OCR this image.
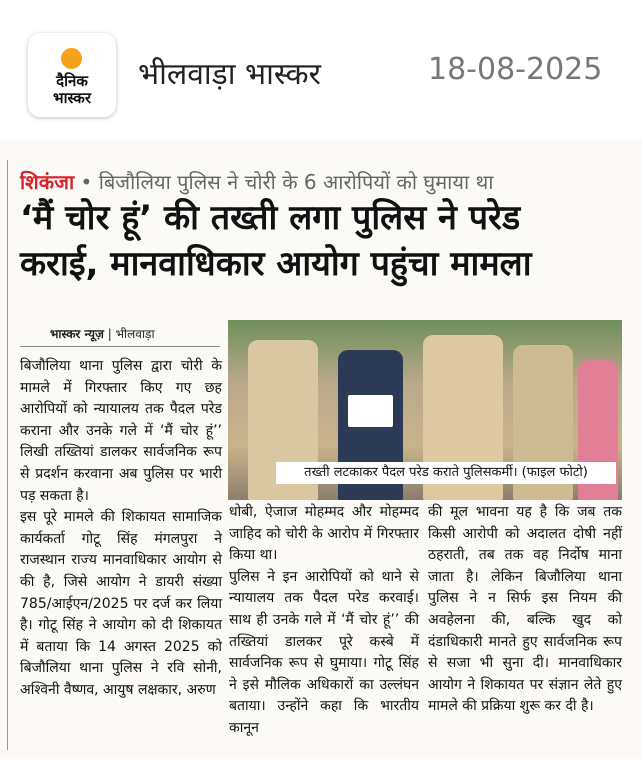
दैनिक
भास्कर
भीलवाड़ा भास्कर	18-08-2025
शिकंजा • बिजौलिया पुलिस ने चोरी के 6 आरोपियों को घुमाया था
‘मैं चोर हूं’ की तख्ती लगा पुलिस ने परेड
कराई, मानवाधिकार आयोग पहुंचा मामला
भास्कर न्यूज़ | भीलवाड़ा

बिजौलिया थाना पुलिस द्वारा चोरी के मामले में गिरफ्तार किए गए छह आरोपियों को न्यायालय तक पैदल परेड कराना और उनके गले में ‘मैं चोर हूं’’ लिखी तख्तियां डालकर सार्वजनिक रूप से प्रदर्शन करवाना अब पुलिस पर भारी पड़ सकता है।

इस पूरे मामले की शिकायत सामाजिक कार्यकर्ता गोटू सिंह मंगलपुरा ने राजस्थान राज्य मानवाधिकार आयोग से की है, जिसे आयोग ने डायरी संख्या 785/आईएन/2025 पर दर्ज कर लिया है। गोटू सिंह ने आयोग को दी शिकायत में बताया कि 14 अगस्त 2025 को बिजौलिया थाना पुलिस ने रवि सोनी, अश्विनी वैष्णव, आयुष लक्षकार, अरुण

तख्ती लटकाकर पैदल परेड कराते पुलिसकर्मी। (फाइल फोटो)

धोबी, ऐजाज मोहम्मद और मोहम्मद जाहिद को चोरी के आरोप में गिरफ्तार किया था।

पुलिस ने इन आरोपियों को थाने से न्यायालय तक पैदल परेड करवाई। साथ ही उनके गले में ‘मैं चोर हूं’’ की तख्तियां डालकर पूरे कस्बे में सार्वजनिक रूप से घुमाया। गोटू सिंह ने इसे मौलिक अधिकारों का उल्लंघन बताया। उन्होंने कहा कि भारतीय कानून

की मूल भावना यह है कि जब तक किसी आरोपी को अदालत दोषी नहीं ठहराती, तब तक वह निर्दोष माना जाता है। लेकिन बिजौलिया थाना पुलिस ने न सिर्फ इस नियम की अवहेलना की, बल्कि खुद को दंडाधिकारी मानते हुए सार्वजनिक रूप से सजा भी सुना दी। मानवाधिकार आयोग ने शिकायत पर संज्ञान लेते हुए मामले की प्रक्रिया शुरू कर दी है।
